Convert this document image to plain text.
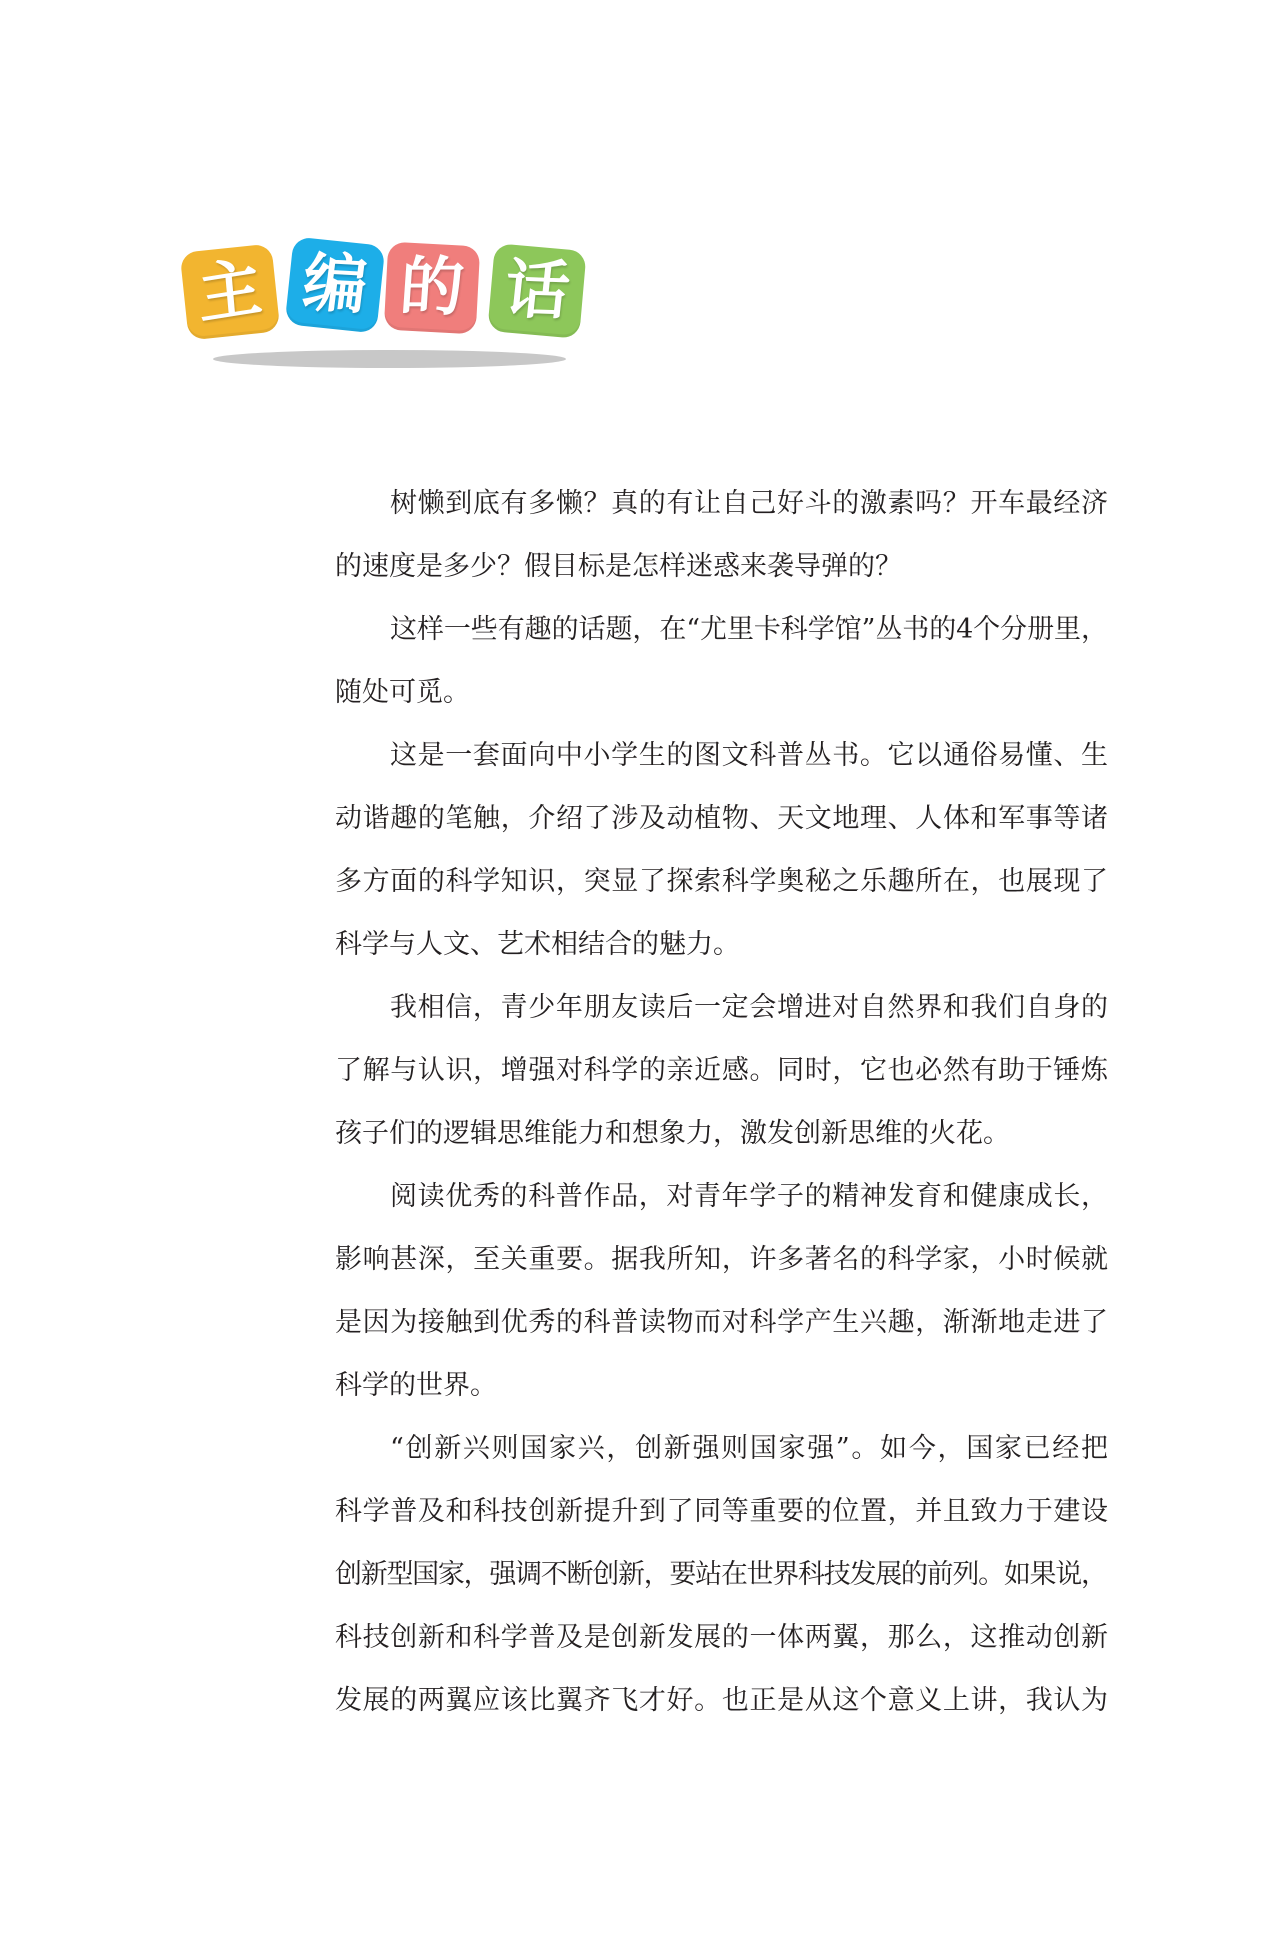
主 编 的 话
树懒到底有多懒？真的有让自己好斗的激素吗？开车最经济
的速度是多少？假目标是怎样迷惑来袭导弹的？
这样一些有趣的话题，在“尤里卡科学馆”丛书的4个分册里，
随处可觅。
这是一套面向中小学生的图文科普丛书。它以通俗易懂、生
动谐趣的笔触，介绍了涉及动植物、天文地理、人体和军事等诸
多方面的科学知识，突显了探索科学奥秘之乐趣所在，也展现了
科学与人文、艺术相结合的魅力。
我相信，青少年朋友读后一定会增进对自然界和我们自身的
了解与认识，增强对科学的亲近感。同时，它也必然有助于锤炼
孩子们的逻辑思维能力和想象力，激发创新思维的火花。
阅读优秀的科普作品，对青年学子的精神发育和健康成长，
影响甚深，至关重要。据我所知，许多著名的科学家，小时候就
是因为接触到优秀的科普读物而对科学产生兴趣，渐渐地走进了
科学的世界。
“创新兴则国家兴，创新强则国家强”。如今，国家已经把
科学普及和科技创新提升到了同等重要的位置，并且致力于建设
创新型国家，强调不断创新，要站在世界科技发展的前列。如果说，
科技创新和科学普及是创新发展的一体两翼，那么，这推动创新
发展的两翼应该比翼齐飞才好。也正是从这个意义上讲，我认为
